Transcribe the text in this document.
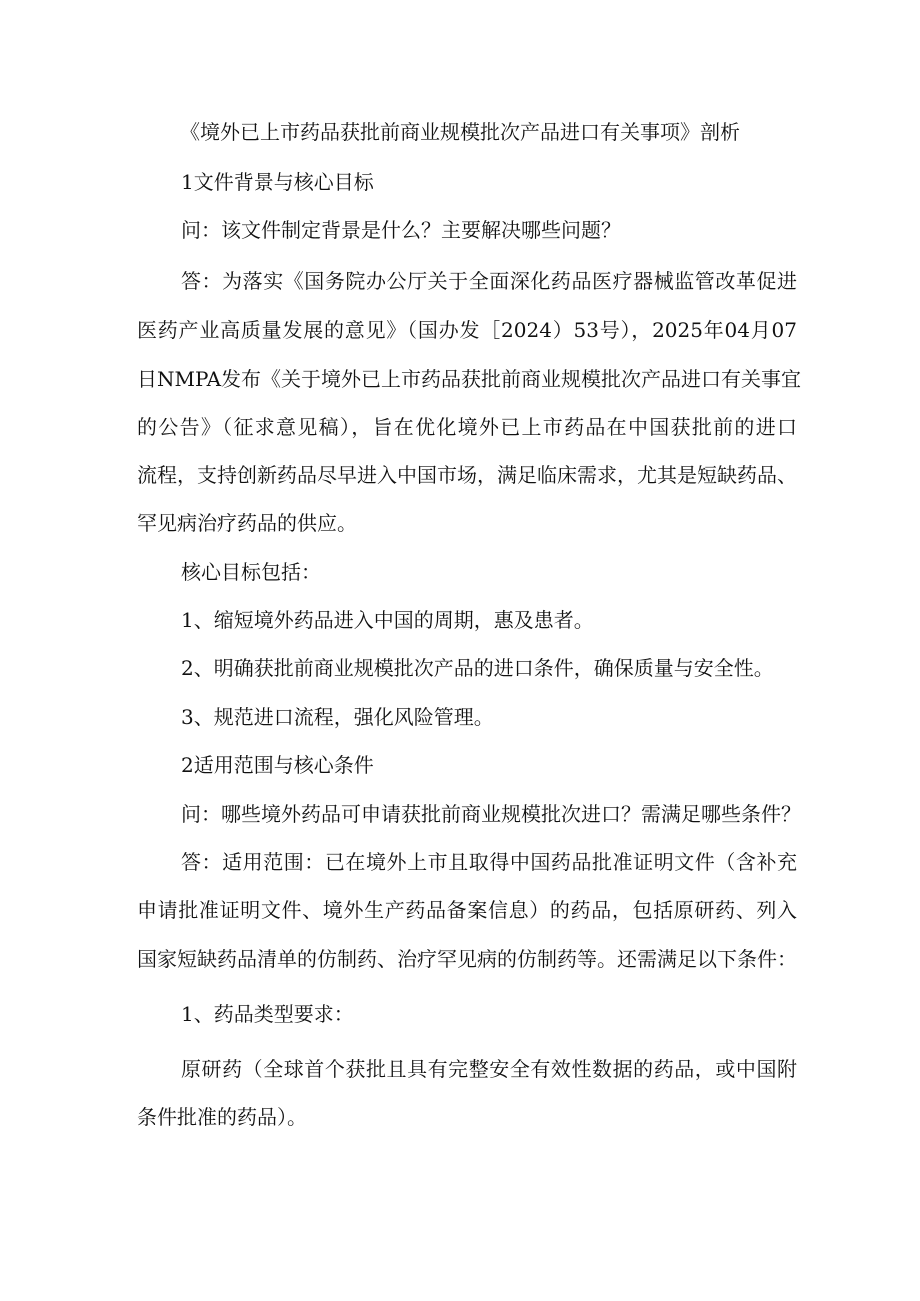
《境外已上市药品获批前商业规模批次产品进口有关事项》剖析
1文件背景与核心目标
问：该文件制定背景是什么？主要解决哪些问题？
答：为落实《国务院办公厅关于全面深化药品医疗器械监管改革促进
医药产业高质量发展的意见》（国办发［2024）53号），2025年04月07
日NMPA发布《关于境外已上市药品获批前商业规模批次产品进口有关事宜
的公告》（征求意见稿），旨在优化境外已上市药品在中国获批前的进口
流程，支持创新药品尽早进入中国市场，满足临床需求，尤其是短缺药品、
罕见病治疗药品的供应。
核心目标包括：
1、缩短境外药品进入中国的周期，惠及患者。
2、明确获批前商业规模批次产品的进口条件，确保质量与安全性。
3、规范进口流程，强化风险管理。
2适用范围与核心条件
问：哪些境外药品可申请获批前商业规模批次进口？需满足哪些条件？
答：适用范围：已在境外上市且取得中国药品批准证明文件（含补充
申请批准证明文件、境外生产药品备案信息）的药品，包括原研药、列入
国家短缺药品清单的仿制药、治疗罕见病的仿制药等。还需满足以下条件：
1、药品类型要求：
原研药（全球首个获批且具有完整安全有效性数据的药品，或中国附
条件批准的药品）。
